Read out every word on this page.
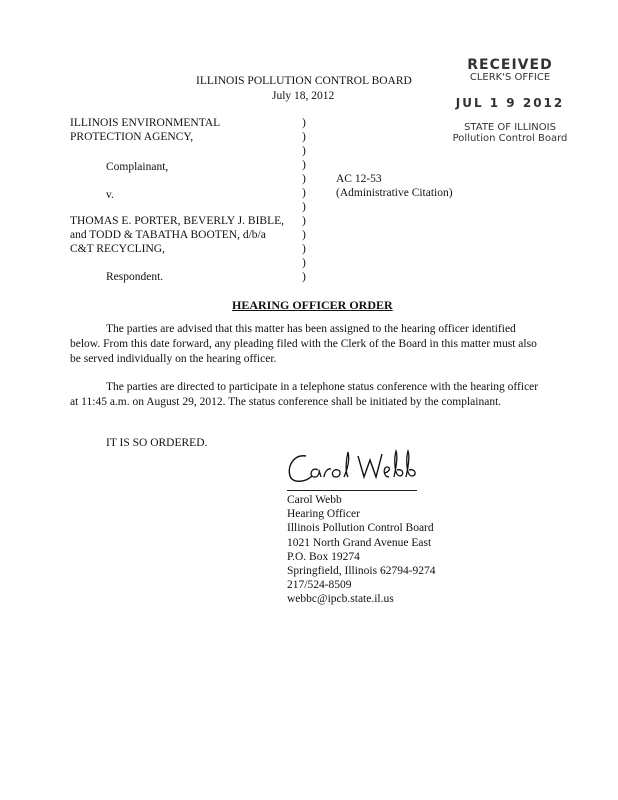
RECEIVED
CLERK'S OFFICE
JUL 1 9 2012
STATE OF ILLINOIS
Pollution Control Board
ILLINOIS POLLUTION CONTROL BOARD
July 18, 2012
ILLINOIS ENVIRONMENTAL
PROTECTION AGENCY,
Complainant,
v.
THOMAS E. PORTER, BEVERLY J. BIBLE,
and TODD & TABATHA BOOTEN, d/b/a
C&T RECYCLING,
Respondent.
)
)
)
)
)
)
)
)
)
)
)
)
AC 12-53
(Administrative Citation)
HEARING OFFICER ORDER
The parties are advised that this matter has been assigned to the hearing officer identified below. From this date forward, any pleading filed with the Clerk of the Board in this matter must also be served individually on the hearing officer.
The parties are directed to participate in a telephone status conference with the hearing officer at 11:45 a.m. on August 29, 2012. The status conference shall be initiated by the complainant.
IT IS SO ORDERED.
Carol Webb
Hearing Officer
Illinois Pollution Control Board
1021 North Grand Avenue East
P.O. Box 19274
Springfield, Illinois 62794-9274
217/524-8509
webbc@ipcb.state.il.us
